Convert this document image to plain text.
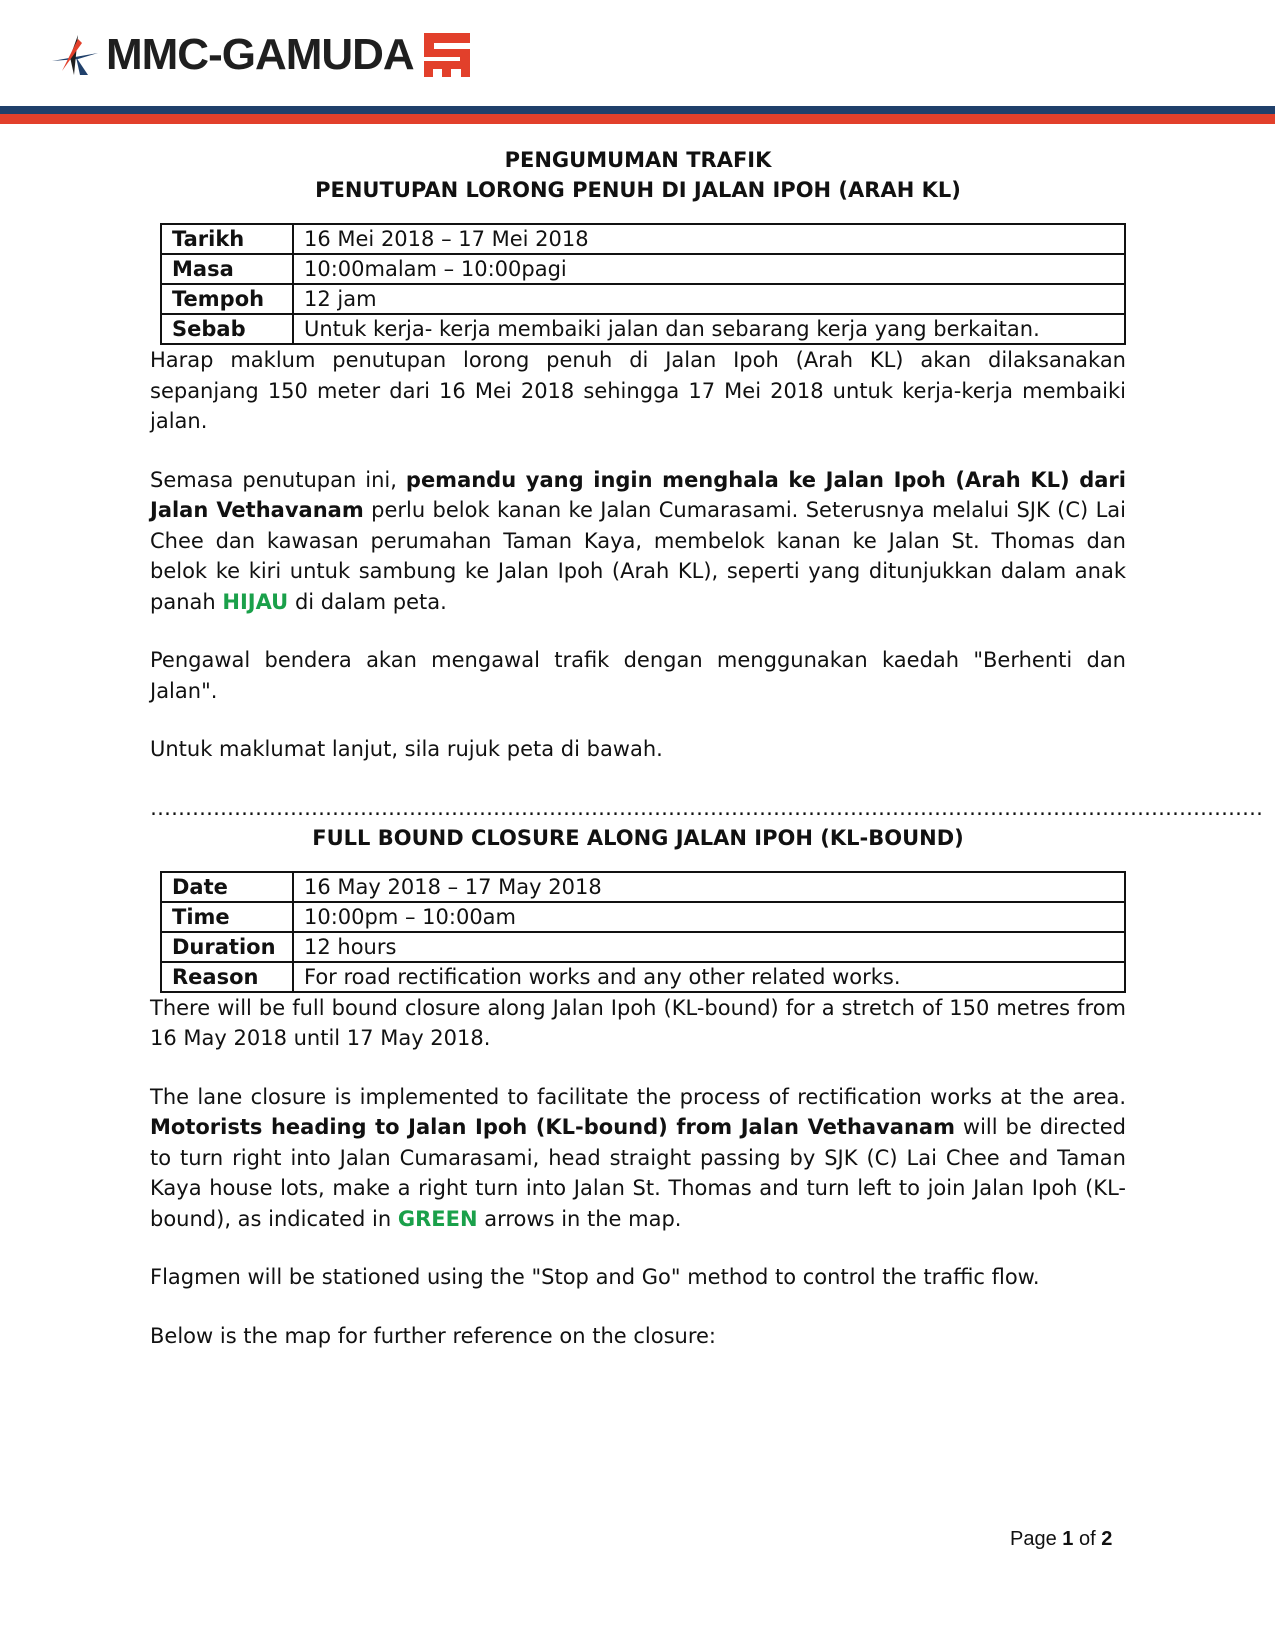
MMC-GAMUDA
PENGUMUMAN TRAFIK
PENUTUPAN LORONG PENUH DI JALAN IPOH (ARAH KL)
Tarikh	16 Mei 2018 – 17 Mei 2018
Masa	10:00malam – 10:00pagi
Tempoh	12 jam
Sebab	Untuk kerja- kerja membaiki jalan dan sebarang kerja yang berkaitan.

Harap maklum penutupan lorong penuh di Jalan Ipoh (Arah KL) akan dilaksanakan sepanjang 150 meter dari 16 Mei 2018 sehingga 17 Mei 2018 untuk kerja-kerja membaiki jalan.

Semasa penutupan ini, pemandu yang ingin menghala ke Jalan Ipoh (Arah KL) dari Jalan Vethavanam perlu belok kanan ke Jalan Cumarasami. Seterusnya melalui SJK (C) Lai Chee dan kawasan perumahan Taman Kaya, membelok kanan ke Jalan St. Thomas dan belok ke kiri untuk sambung ke Jalan Ipoh (Arah KL), seperti yang ditunjukkan dalam anak panah HIJAU di dalam peta.

Pengawal bendera akan mengawal trafik dengan menggunakan kaedah "Berhenti dan Jalan".

Untuk maklumat lanjut, sila rujuk peta di bawah.

……………………………………………………………………………………………………………………………………………
FULL BOUND CLOSURE ALONG JALAN IPOH (KL-BOUND)
Date	16 May 2018 – 17 May 2018
Time	10:00pm – 10:00am
Duration	12 hours
Reason	For road rectification works and any other related works.

There will be full bound closure along Jalan Ipoh (KL-bound) for a stretch of 150 metres from 16 May 2018 until 17 May 2018.

The lane closure is implemented to facilitate the process of rectification works at the area. Motorists heading to Jalan Ipoh (KL-bound) from Jalan Vethavanam will be directed to turn right into Jalan Cumarasami, head straight passing by SJK (C) Lai Chee and Taman Kaya house lots, make a right turn into Jalan St. Thomas and turn left to join Jalan Ipoh (KL-bound), as indicated in GREEN arrows in the map.

Flagmen will be stationed using the "Stop and Go" method to control the traffic flow.

Below is the map for further reference on the closure:

Page 1 of 2
